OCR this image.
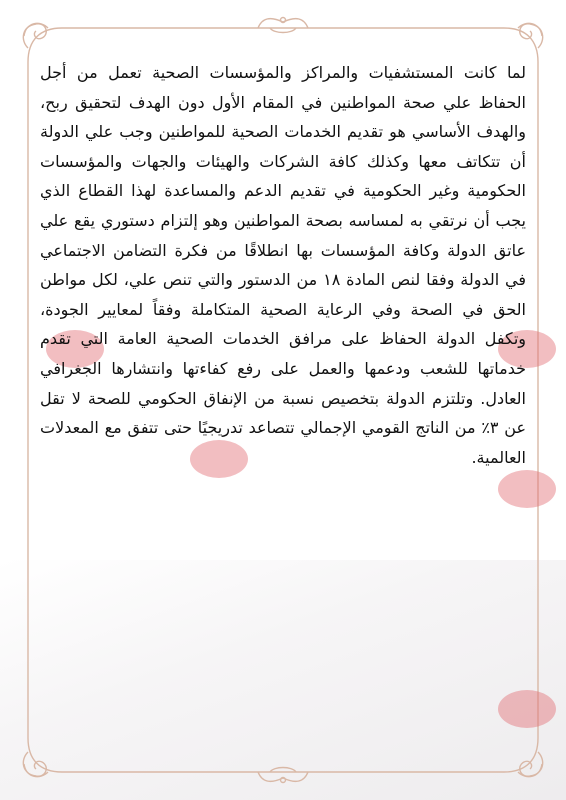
لما كانت المستشفيات والمراكز والمؤسسات الصحية تعمل من أجل الحفاظ علي صحة المواطنين في المقام الأول دون الهدف لتحقيق ربح، والهدف الأساسي هو تقديم الخدمات الصحية للمواطنين وجب علي الدولة أن تتكاتف معها وكذلك كافة الشركات والهيئات والجهات والمؤسسات الحكومية وغير الحكومية في تقديم الدعم والمساعدة لهذا القطاع الذي يجب أن نرتقي به لمساسه بصحة المواطنين وهو إلتزام دستوري يقع علي عاتق الدولة وكافة المؤسسات بها انطلاقًا من فكرة التضامن الاجتماعي في الدولة وفقا لنص المادة ١٨ من الدستور والتي تنص علي، لكل مواطن الحق في الصحة وفي الرعاية الصحية المتكاملة وفقاً لمعايير الجودة، وتكفل الدولة الحفاظ على مرافق الخدمات الصحية العامة التي تقدم خدماتها للشعب ودعمها والعمل على رفع كفاءتها وانتشارها الجغرافي العادل. وتلتزم الدولة بتخصيص نسبة من الإنفاق الحكومي للصحة لا تقل عن ٣٪ من الناتج القومي الإجمالي تتصاعد تدريجيًا حتى تتفق مع المعدلات العالمية.
